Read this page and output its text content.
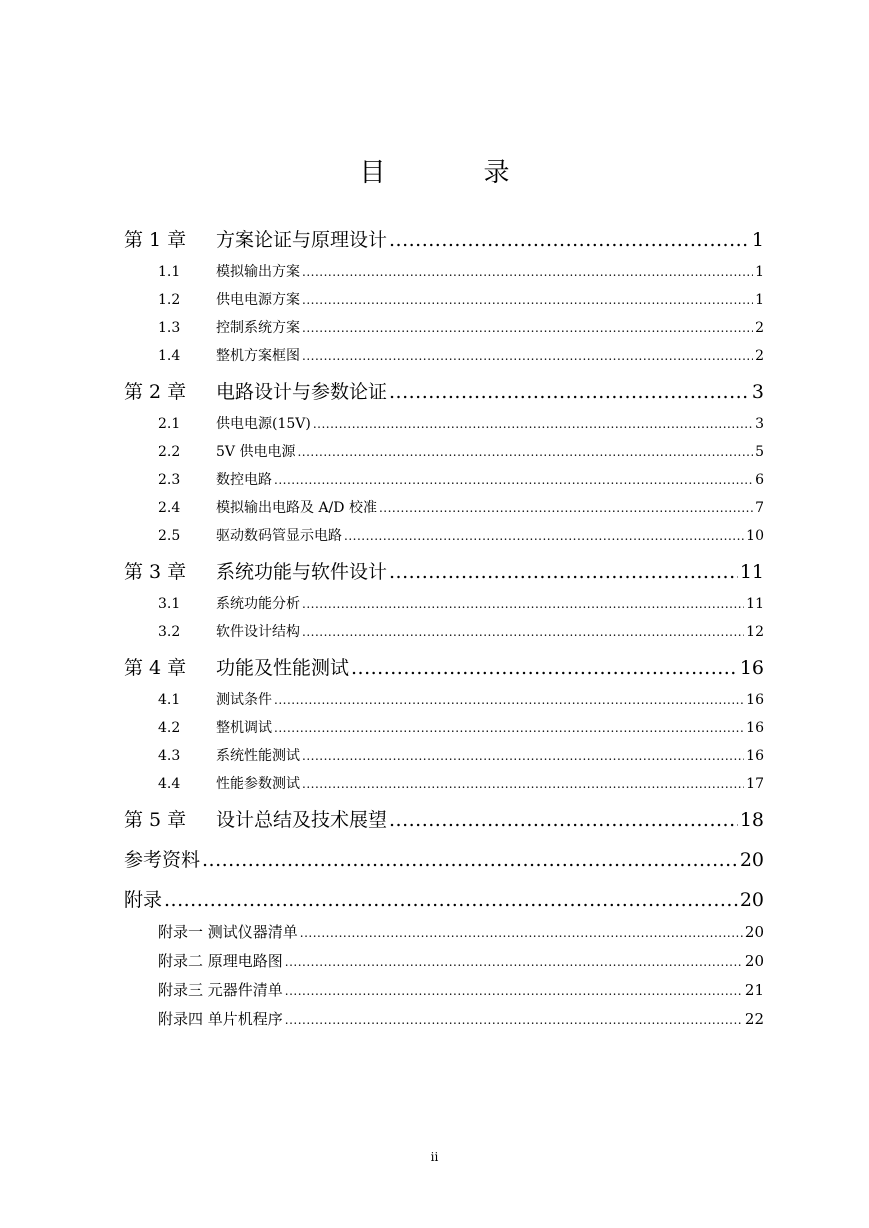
目　录
第 1 章	方案论证与原理设计 .....	1
1.1	模拟输出方案 .....	1
1.2	供电电源方案 .....	1
1.3	控制系统方案 .....	2
1.4	整机方案框图 .....	2
第 2 章	电路设计与参数论证 .....	3
2.1	供电电源(15V) .....	3
2.2	5V 供电电源 .....	5
2.3	数控电路 .....	6
2.4	模拟输出电路及 A/D 校准 .....	7
2.5	驱动数码管显示电路 .....	10
第 3 章	系统功能与软件设计 .....	11
3.1	系统功能分析 .....	11
3.2	软件设计结构 .....	12
第 4 章	功能及性能测试 .....	16
4.1	测试条件 .....	16
4.2	整机调试 .....	16
4.3	系统性能测试 .....	16
4.4	性能参数测试 .....	17
第 5 章	设计总结及技术展望 .....	18
参考资料 .....	20
附录 .....	20
附录一 测试仪器清单 .....	20
附录二 原理电路图 .....	20
附录三 元器件清单 .....	21
附录四 单片机程序 .....	22
ii
